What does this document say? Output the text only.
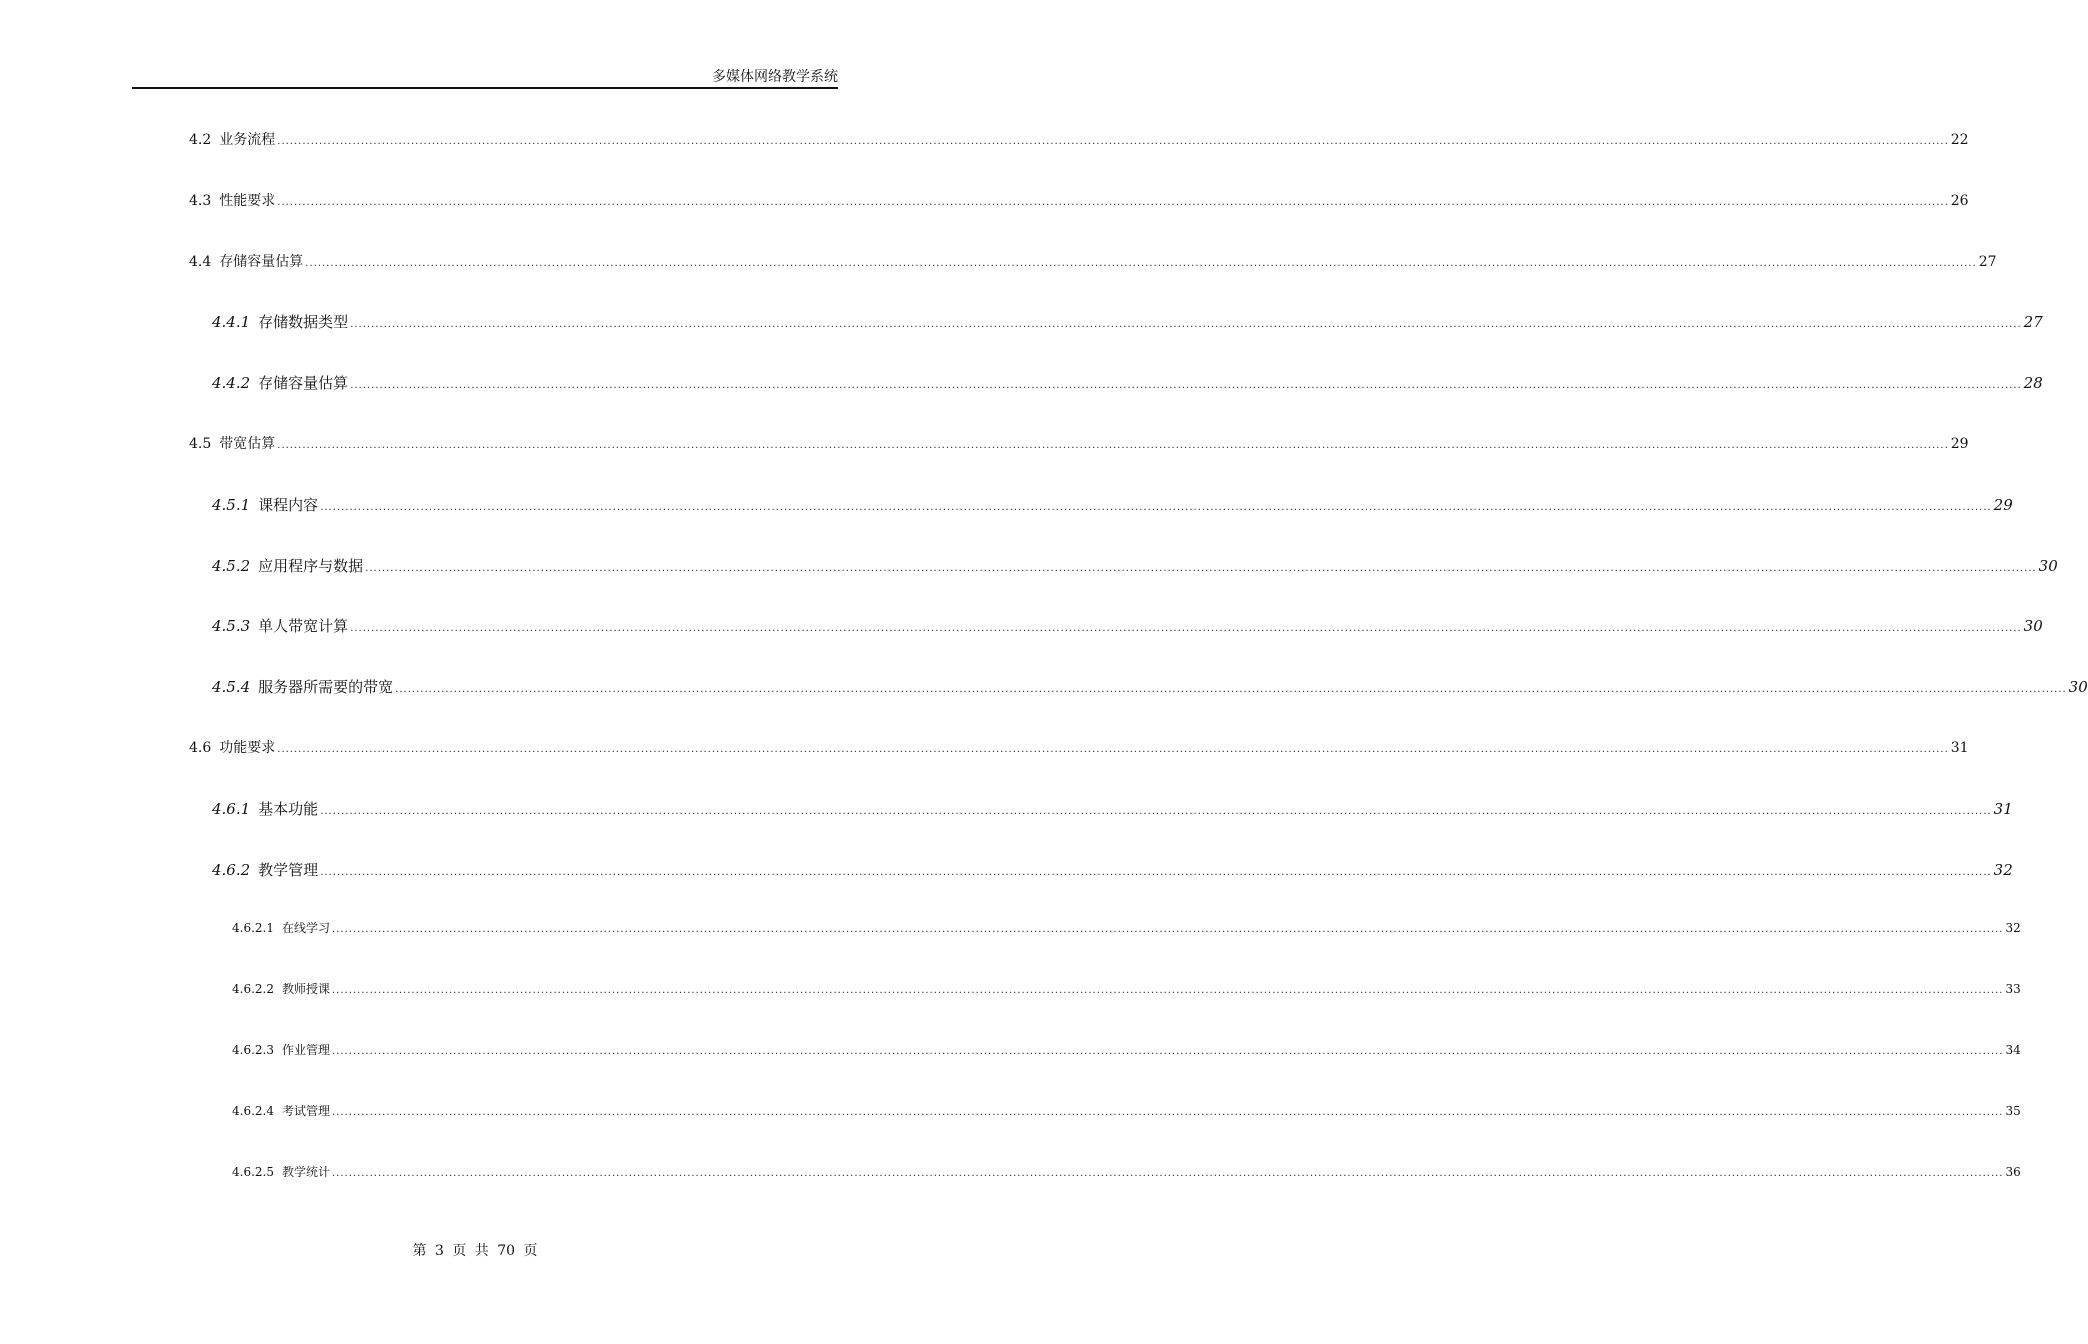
多媒体网络教学系统
4.2 业务流程 ................................................................................................................................................................................................................................................................................................................................................................................................................ 22
4.3 性能要求 ................................................................................................................................................................................................................................................................................................................................................................................................................ 26
4.4 存储容量估算 ................................................................................................................................................................................................................................................................................................................................................................................................................ 27
4.4.1 存储数据类型 ................................................................................................................................................................................................................................................................................................................................................................................................................ 27
4.4.2 存储容量估算 ................................................................................................................................................................................................................................................................................................................................................................................................................ 28
4.5 带宽估算 ................................................................................................................................................................................................................................................................................................................................................................................................................ 29
4.5.1 课程内容 ................................................................................................................................................................................................................................................................................................................................................................................................................ 29
4.5.2 应用程序与数据 ................................................................................................................................................................................................................................................................................................................................................................................................................ 30
4.5.3 单人带宽计算 ................................................................................................................................................................................................................................................................................................................................................................................................................ 30
4.5.4 服务器所需要的带宽 ................................................................................................................................................................................................................................................................................................................................................................................................................ 30
4.6 功能要求 ................................................................................................................................................................................................................................................................................................................................................................................................................ 31
4.6.1 基本功能 ................................................................................................................................................................................................................................................................................................................................................................................................................ 31
4.6.2 教学管理 ................................................................................................................................................................................................................................................................................................................................................................................................................ 32
4.6.2.1 在线学习 ................................................................................................................................................................................................................................................................................................................................................................................................................ 32
4.6.2.2 教师授课 ................................................................................................................................................................................................................................................................................................................................................................................................................ 33
4.6.2.3 作业管理 ................................................................................................................................................................................................................................................................................................................................................................................................................ 34
4.6.2.4 考试管理 ................................................................................................................................................................................................................................................................................................................................................................................................................ 35
4.6.2.5 教学统计 ................................................................................................................................................................................................................................................................................................................................................................................................................ 36
第 3 页 共 70 页
